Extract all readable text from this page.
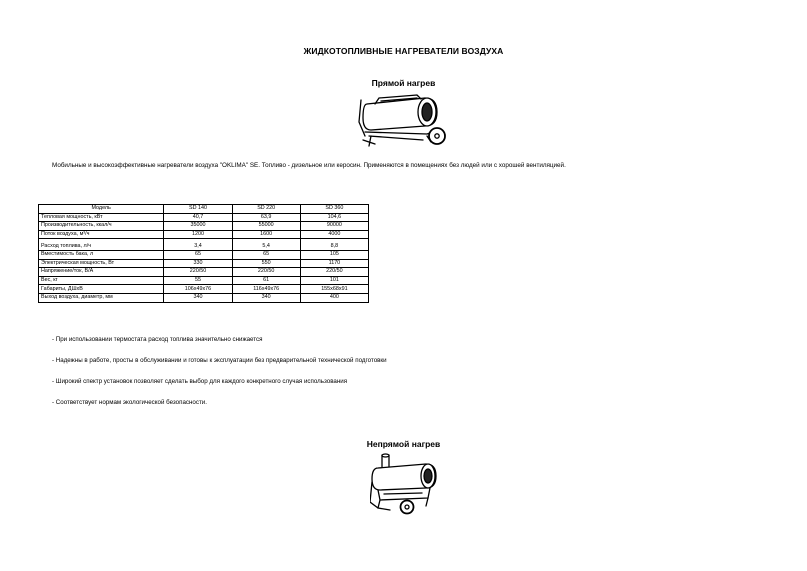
ЖИДКОТОПЛИВНЫЕ НАГРЕВАТЕЛИ ВОЗДУХА
Прямой нагрев
Мобильные и высокоэффективные нагреватели воздуха "OKLIMA" SE. Топливо - дизельное или керосин. Применяются в помещениях без людей или с хорошей вентиляцией.
Модель	SD 140	SD 220	SD 360
Тепловая мощность, кВт	40,7	63,9	104,6
Производительность, ккал/ч	35000	55000	90000
Поток воздуха, м³/ч	1200	1600	4000
Расход топлива, л/ч	3,4	5,4	8,8
Вместимость бака, л	65	65	105
Электрическая мощность, Вт	330	550	1170
Напряжение/ток, В/А	220/50	220/50	220/50
Вес, кг	55	61	101
Габариты, ДШхВ	106х49х76	116х49х76	155х68х91
Выход воздуха, диаметр, мм	340	340	400
- При использовании термостата расход топлива значительно снижается
- Надежны в работе, просты в обслуживании и готовы к эксплуатации без предварительной технической подготовки
- Широкий спектр установок позволяет сделать выбор для каждого конкретного случая использования
- Соответствует нормам экологической безопасности.
Непрямой нагрев
